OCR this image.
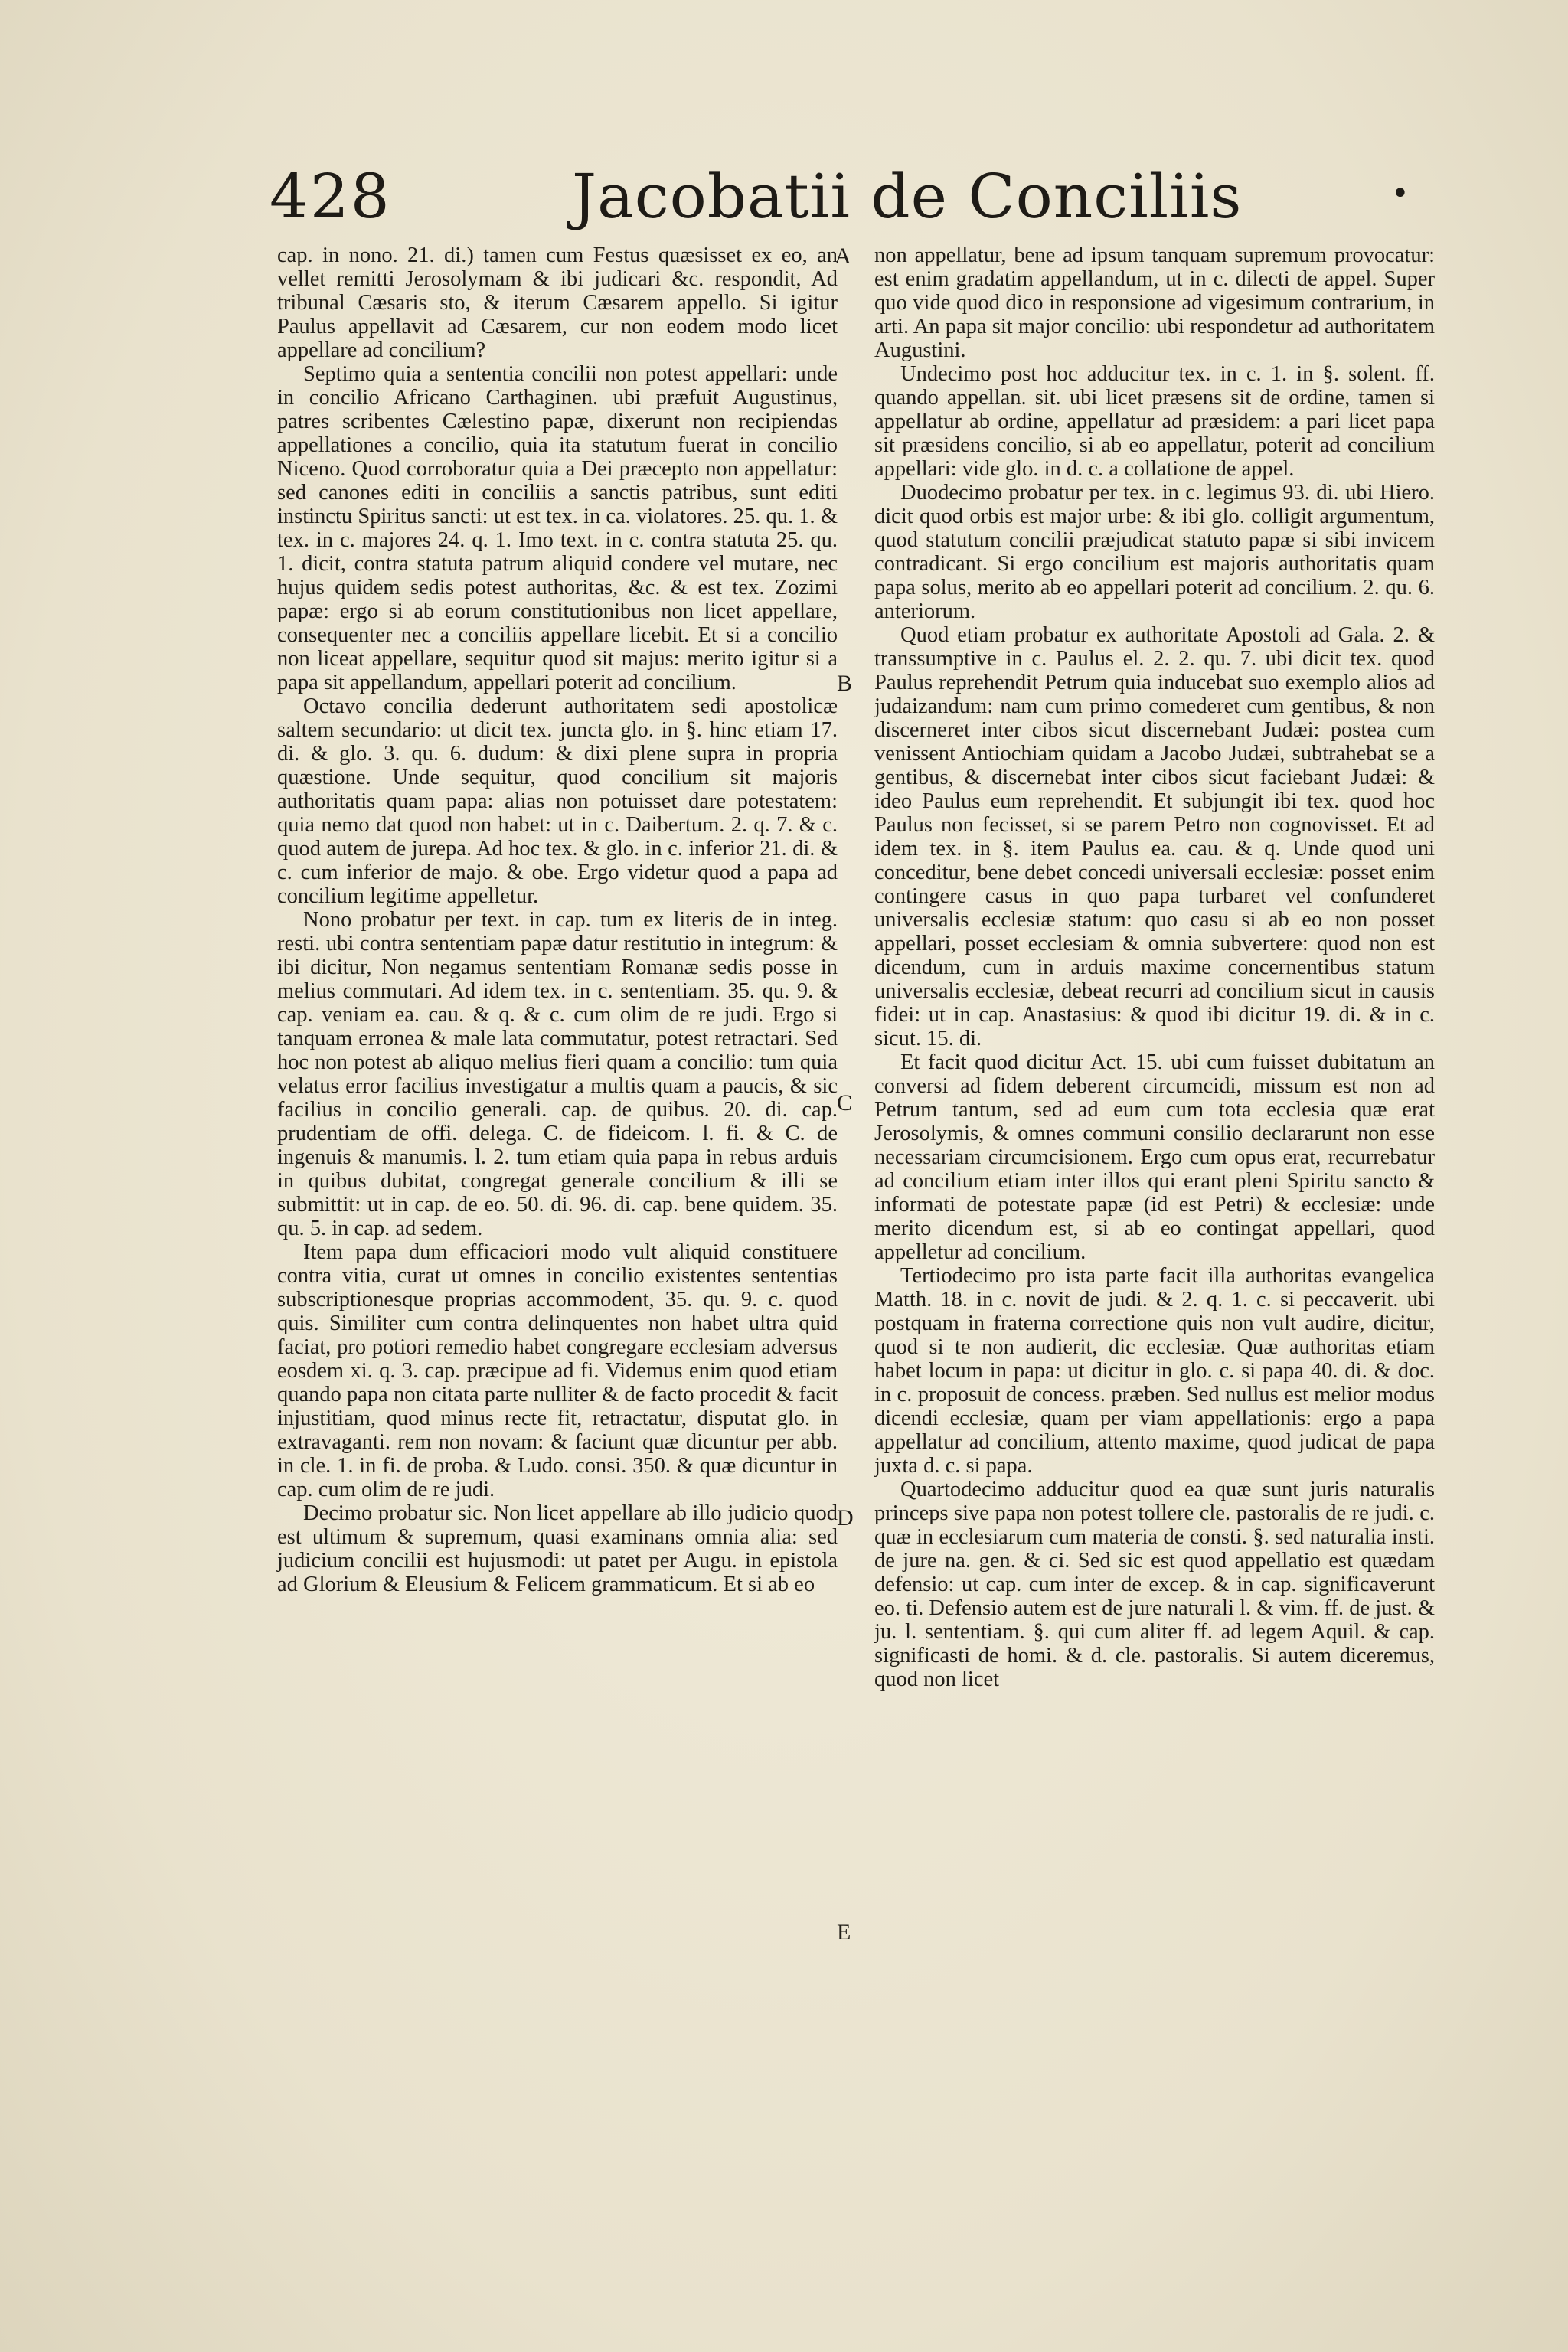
428	Jacobatii de Conciliis	•

cap. in nono. 21. di.) tamen cum Festus quæsisset ex eo, an vellet remitti Jerosolymam & ibi judicari &c. respondit, Ad tribunal Cæsaris sto, & iterum Cæsarem appello. Si igitur Paulus appellavit ad Cæsarem, cur non eodem modo licet appellare ad concilium?

Septimo quia a sententia concilii non potest appellari: unde in concilio Africano Carthaginen. ubi præfuit Augustinus, patres scribentes Cælestino papæ, dixerunt non recipiendas appellationes a concilio, quia ita statutum fuerat in concilio Niceno. Quod corroboratur quia a Dei præcepto non appellatur: sed canones editi in conciliis a sanctis patribus, sunt editi instinctu Spiritus sancti: ut est tex. in ca. violatores. 25. qu. 1. & tex. in c. majores 24. q. 1. Imo text. in c. contra statuta 25. qu. 1. dicit, contra statuta patrum aliquid condere vel mutare, nec hujus quidem sedis potest authoritas, &c. & est tex. Zozimi papæ: ergo si ab eorum constitutionibus non licet appellare, consequenter nec a conciliis appellare licebit. Et si a concilio non liceat appellare, sequitur quod sit majus: merito igitur si a papa sit appellandum, appellari poterit ad concilium.

Octavo concilia dederunt authoritatem sedi apostolicæ saltem secundario: ut dicit tex. juncta glo. in §. hinc etiam 17. di. & glo. 3. qu. 6. dudum: & dixi plene supra in propria quæstione. Unde sequitur, quod concilium sit majoris authoritatis quam papa: alias non potuisset dare potestatem: quia nemo dat quod non habet: ut in c. Daibertum. 2. q. 7. & c. quod autem de jurepa. Ad hoc tex. & glo. in c. inferior 21. di. & c. cum inferior de majo. & obe. Ergo videtur quod a papa ad concilium legitime appelletur.

Nono probatur per text. in cap. tum ex literis de in integ. resti. ubi contra sententiam papæ datur restitutio in integrum: & ibi dicitur, Non negamus sententiam Romanæ sedis posse in melius commutari. Ad idem tex. in c. sententiam. 35. qu. 9. & cap. veniam ea. cau. & q. & c. cum olim de re judi. Ergo si tanquam erronea & male lata commutatur, potest retractari. Sed hoc non potest ab aliquo melius fieri quam a concilio: tum quia velatus error facilius investigatur a multis quam a paucis, & sic facilius in concilio generali. cap. de quibus. 20. di. cap. prudentiam de offi. delega. C. de fideicom. l. fi. & C. de ingenuis & manumis. l. 2. tum etiam quia papa in rebus arduis in quibus dubitat, congregat generale concilium & illi se submittit: ut in cap. de eo. 50. di. 96. di. cap. bene quidem. 35. qu. 5. in cap. ad sedem.

Item papa dum efficaciori modo vult aliquid constituere contra vitia, curat ut omnes in concilio existentes sententias subscriptionesque proprias accommodent, 35. qu. 9. c. quod quis. Similiter cum contra delinquentes non habet ultra quid faciat, pro potiori remedio habet congregare ecclesiam adversus eosdem xi. q. 3. cap. præcipue ad fi. Videmus enim quod etiam quando papa non citata parte nulliter & de facto procedit & facit injustitiam, quod minus recte fit, retractatur, disputat glo. in extravaganti. rem non novam: & faciunt quæ dicuntur per abb. in cle. 1. in fi. de proba. & Ludo. consi. 350. & quæ dicuntur in cap. cum olim de re judi.

Decimo probatur sic. Non licet appellare ab illo judicio quod est ultimum & supremum, quasi examinans omnia alia: sed judicium concilii est hujusmodi: ut patet per Augu. in epistola ad Glorium & Eleusium & Felicem grammaticum. Et si ab eo

A
B
C
D
E

non appellatur, bene ad ipsum tanquam supremum provocatur: est enim gradatim appellandum, ut in c. dilecti de appel. Super quo vide quod dico in responsione ad vigesimum contrarium, in arti. An papa sit major concilio: ubi respondetur ad authoritatem Augustini.

Undecimo post hoc adducitur tex. in c. 1. in §. solent. ff. quando appellan. sit. ubi licet præsens sit de ordine, tamen si appellatur ab ordine, appellatur ad præsidem: a pari licet papa sit præsidens concilio, si ab eo appellatur, poterit ad concilium appellari: vide glo. in d. c. a collatione de appel.

Duodecimo probatur per tex. in c. legimus 93. di. ubi Hiero. dicit quod orbis est major urbe: & ibi glo. colligit argumentum, quod statutum concilii præjudicat statuto papæ si sibi invicem contradicant. Si ergo concilium est majoris authoritatis quam papa solus, merito ab eo appellari poterit ad concilium. 2. qu. 6. anteriorum.

Quod etiam probatur ex authoritate Apostoli ad Gala. 2. & transsumptive in c. Paulus el. 2. 2. qu. 7. ubi dicit tex. quod Paulus reprehendit Petrum quia inducebat suo exemplo alios ad judaizandum: nam cum primo comederet cum gentibus, & non discerneret inter cibos sicut discernebant Judæi: postea cum venissent Antiochiam quidam a Jacobo Judæi, subtrahebat se a gentibus, & discernebat inter cibos sicut faciebant Judæi: & ideo Paulus eum reprehendit. Et subjungit ibi tex. quod hoc Paulus non fecisset, si se parem Petro non cognovisset. Et ad idem tex. in §. item Paulus ea. cau. & q. Unde quod uni conceditur, bene debet concedi universali ecclesiæ: posset enim contingere casus in quo papa turbaret vel confunderet universalis ecclesiæ statum: quo casu si ab eo non posset appellari, posset ecclesiam & omnia subvertere: quod non est dicendum, cum in arduis maxime concernentibus statum universalis ecclesiæ, debeat recurri ad concilium sicut in causis fidei: ut in cap. Anastasius: & quod ibi dicitur 19. di. & in c. sicut. 15. di.

Et facit quod dicitur Act. 15. ubi cum fuisset dubitatum an conversi ad fidem deberent circumcidi, missum est non ad Petrum tantum, sed ad eum cum tota ecclesia quæ erat Jerosolymis, & omnes communi consilio declararunt non esse necessariam circumcisionem. Ergo cum opus erat, recurrebatur ad concilium etiam inter illos qui erant pleni Spiritu sancto & informati de potestate papæ (id est Petri) & ecclesiæ: unde merito dicendum est, si ab eo contingat appellari, quod appelletur ad concilium.

Tertiodecimo pro ista parte facit illa authoritas evangelica Matth. 18. in c. novit de judi. & 2. q. 1. c. si peccaverit. ubi postquam in fraterna correctione quis non vult audire, dicitur, quod si te non audierit, dic ecclesiæ. Quæ authoritas etiam habet locum in papa: ut dicitur in glo. c. si papa 40. di. & doc. in c. proposuit de concess. præben. Sed nullus est melior modus dicendi ecclesiæ, quam per viam appellationis: ergo a papa appellatur ad concilium, attento maxime, quod judicat de papa juxta d. c. si papa.

Quartodecimo adducitur quod ea quæ sunt juris naturalis princeps sive papa non potest tollere cle. pastoralis de re judi. c. quæ in ecclesiarum cum materia de consti. §. sed naturalia insti. de jure na. gen. & ci. Sed sic est quod appellatio est quædam defensio: ut cap. cum inter de excep. & in cap. significaverunt eo. ti. Defensio autem est de jure naturali l. & vim. ff. de just. & ju. l. sententiam. §. qui cum aliter ff. ad legem Aquil. & cap. significasti de homi. & d. cle. pastoralis. Si autem diceremus, quod non licet
